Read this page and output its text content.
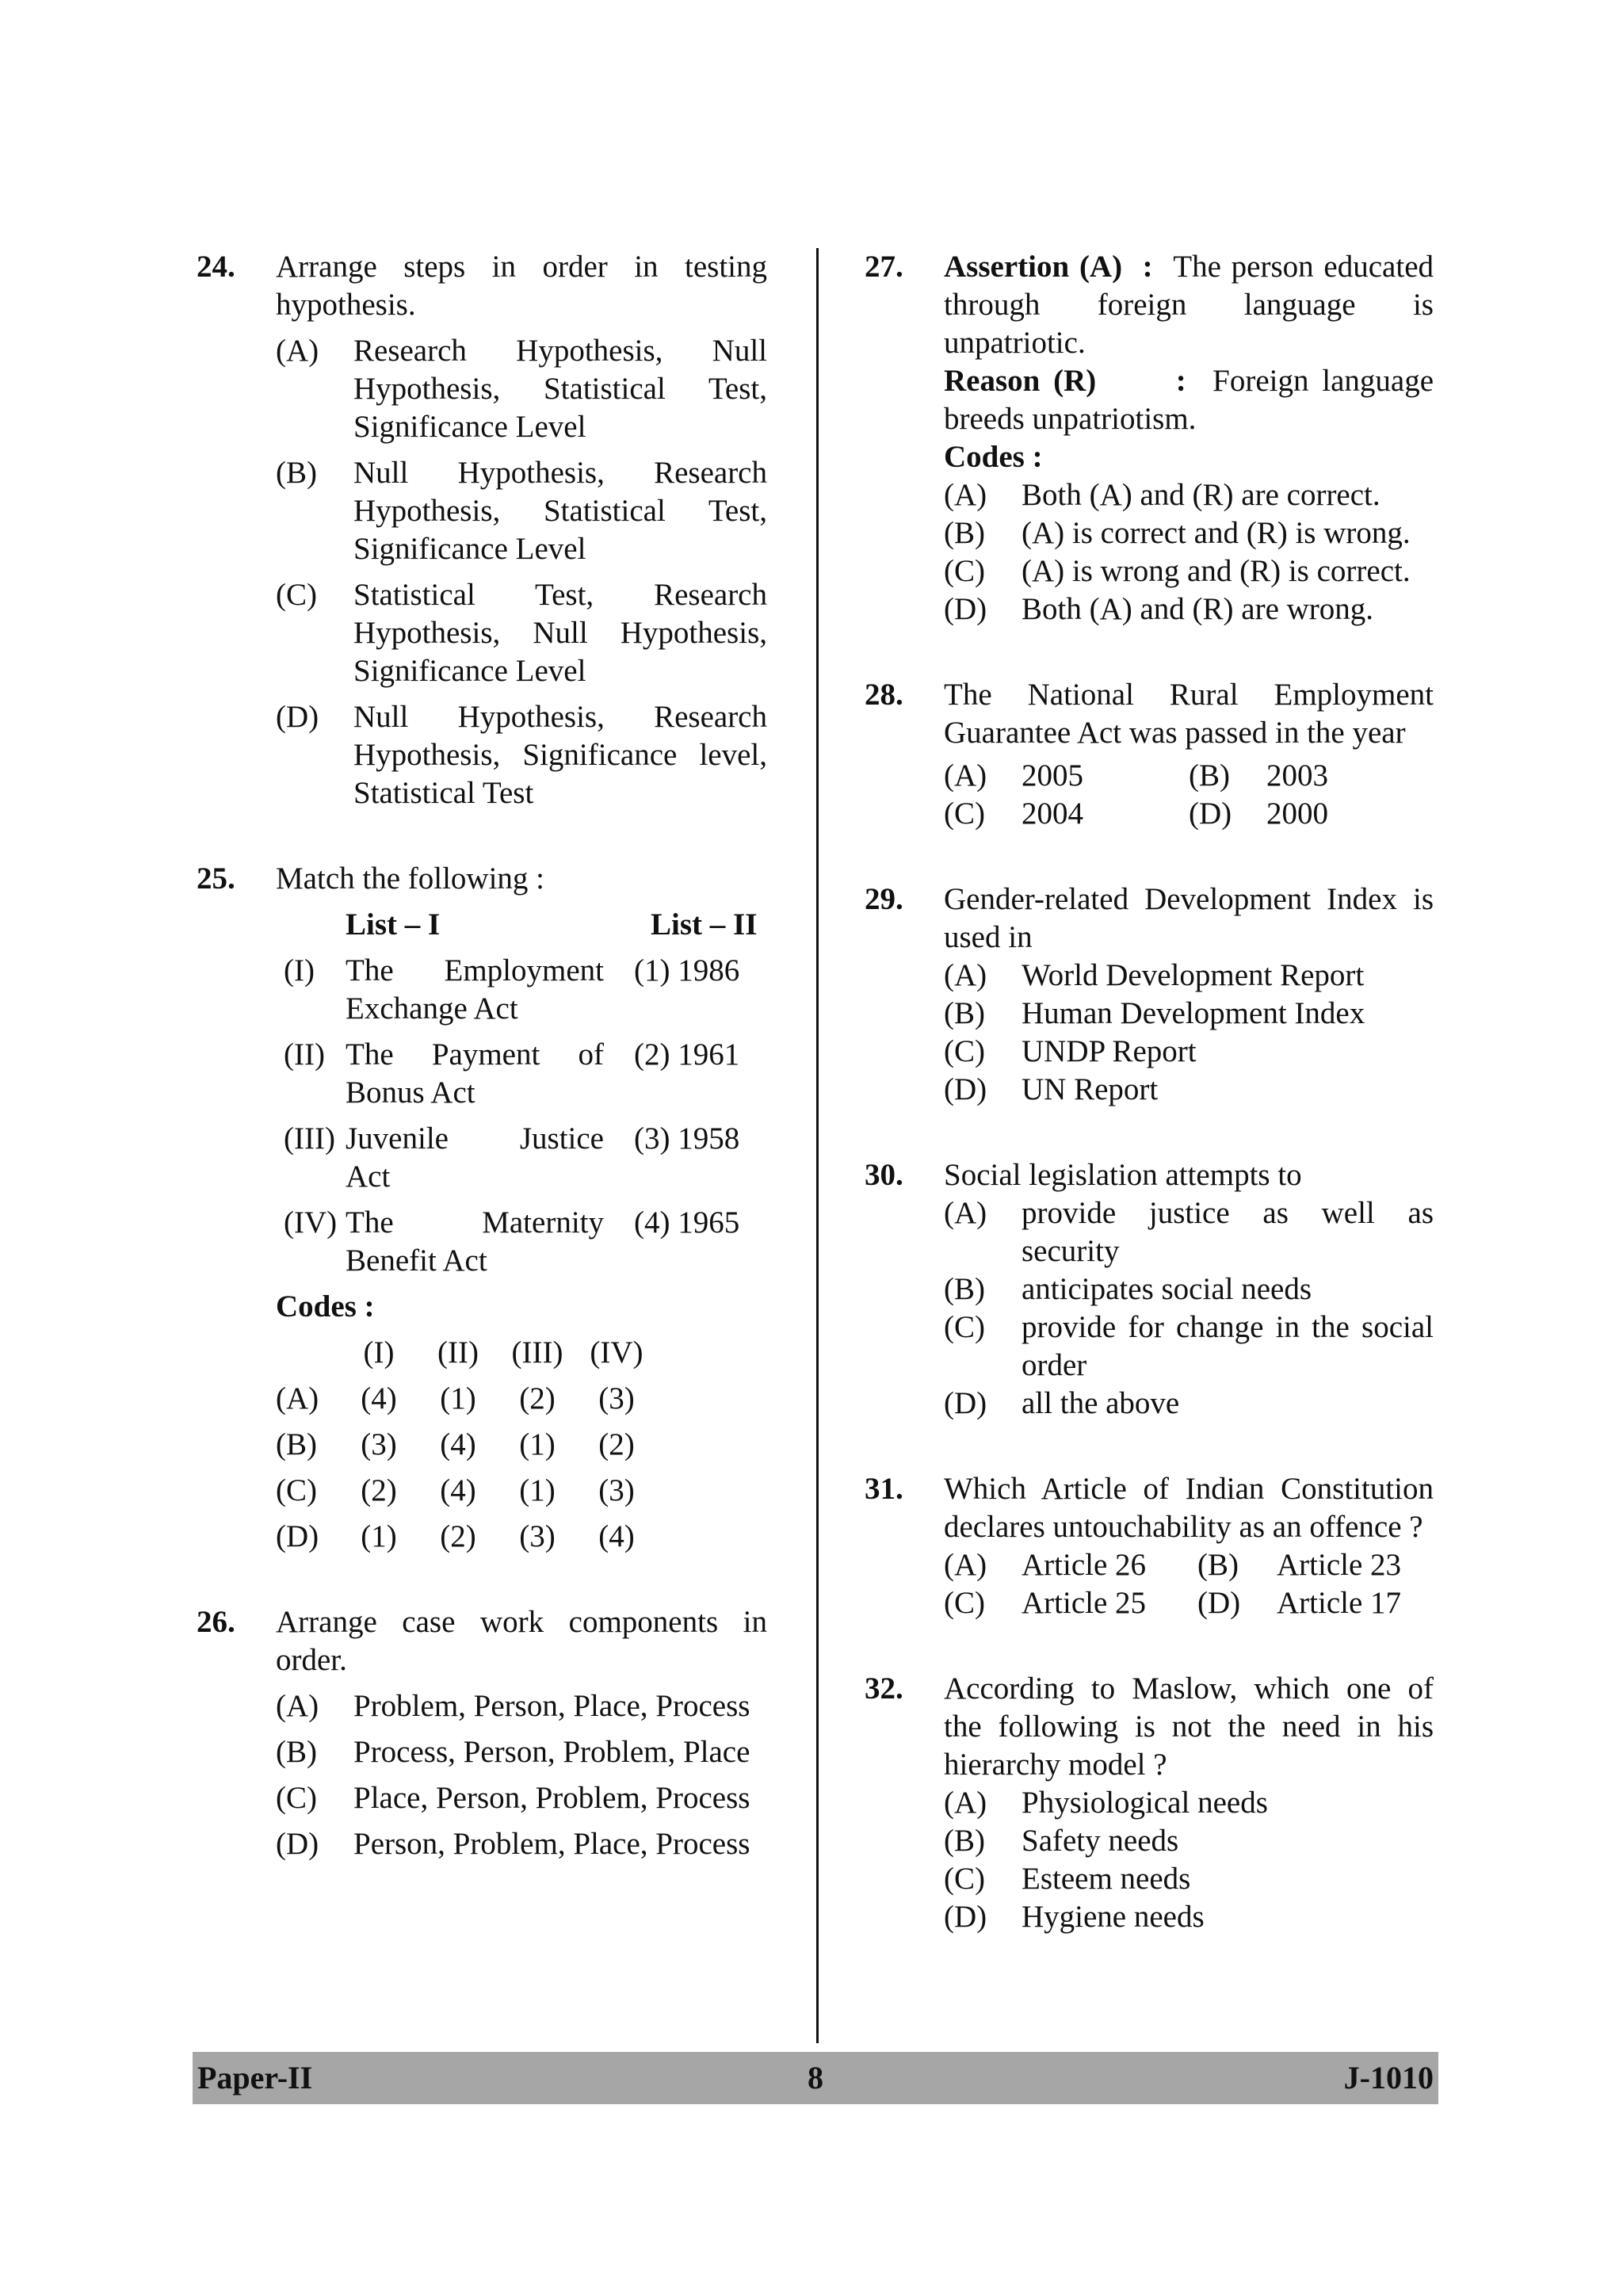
24. Arrange steps in order in testing hypothesis.
(A)	Research Hypothesis, Null Hypothesis, Statistical Test, Significance Level
(B)	Null Hypothesis, Research Hypothesis, Statistical Test, Significance Level
(C)	Statistical Test, Research Hypothesis, Null Hypothesis, Significance Level
(D)	Null Hypothesis, Research Hypothesis, Significance level, Statistical Test
25. Match the following :
List – I	List – II
(I)	The Employment
Exchange Act
(1) 1986
(II) The Payment of
Bonus Act
(2) 1961
(III) Juvenile Justice
Act
(3) 1958
(IV) The Maternity
Benefit Act
(4) 1965
Codes :
(I)	(II)	(III) (IV)
(A)	(4)	(1)	(2)	(3)
(B)	(3)	(4)	(1)	(2)
(C)	(2)	(4)	(1)	(3)
(D)	(1)	(2)	(3)	(4)
26. Arrange case work components in order.
(A)	Problem, Person, Place, Process
(B)	Process, Person, Problem, Place
(C)	Place, Person, Problem, Process
(D)	Person, Problem, Place, Process
27. Assertion (A) : The person educated through foreign language is unpatriotic.
Reason (R)	: Foreign language breeds unpatriotism.
Codes :
(A)	Both (A) and (R) are correct.
(B)	(A) is correct and (R) is wrong.
(C)	(A) is wrong and (R) is correct.
(D)	Both (A) and (R) are wrong.
28. The National Rural Employment Guarantee Act was passed in the year
(A)	2005	(B)	2003
(C)	2004	(D)	2000
29. Gender-related Development Index is used in
(A)	World Development Report
(B)	Human Development Index
(C)	UNDP Report
(D)	UN Report
30. Social legislation attempts to
(A)	provide justice as well as security
(B)	anticipates social needs
(C)	provide for change in the social order
(D)	all the above
31. Which Article of Indian Constitution declares untouchability as an offence ?
(A)	Article 26 (B)	Article 23
(C)	Article 25 (D)	Article 17
32. According to Maslow, which one of the following is not the need in his hierarchy model ?
(A)	Physiological needs
(B)	Safety needs
(C)	Esteem needs
(D)	Hygiene needs
Paper-II	8	J-1010
